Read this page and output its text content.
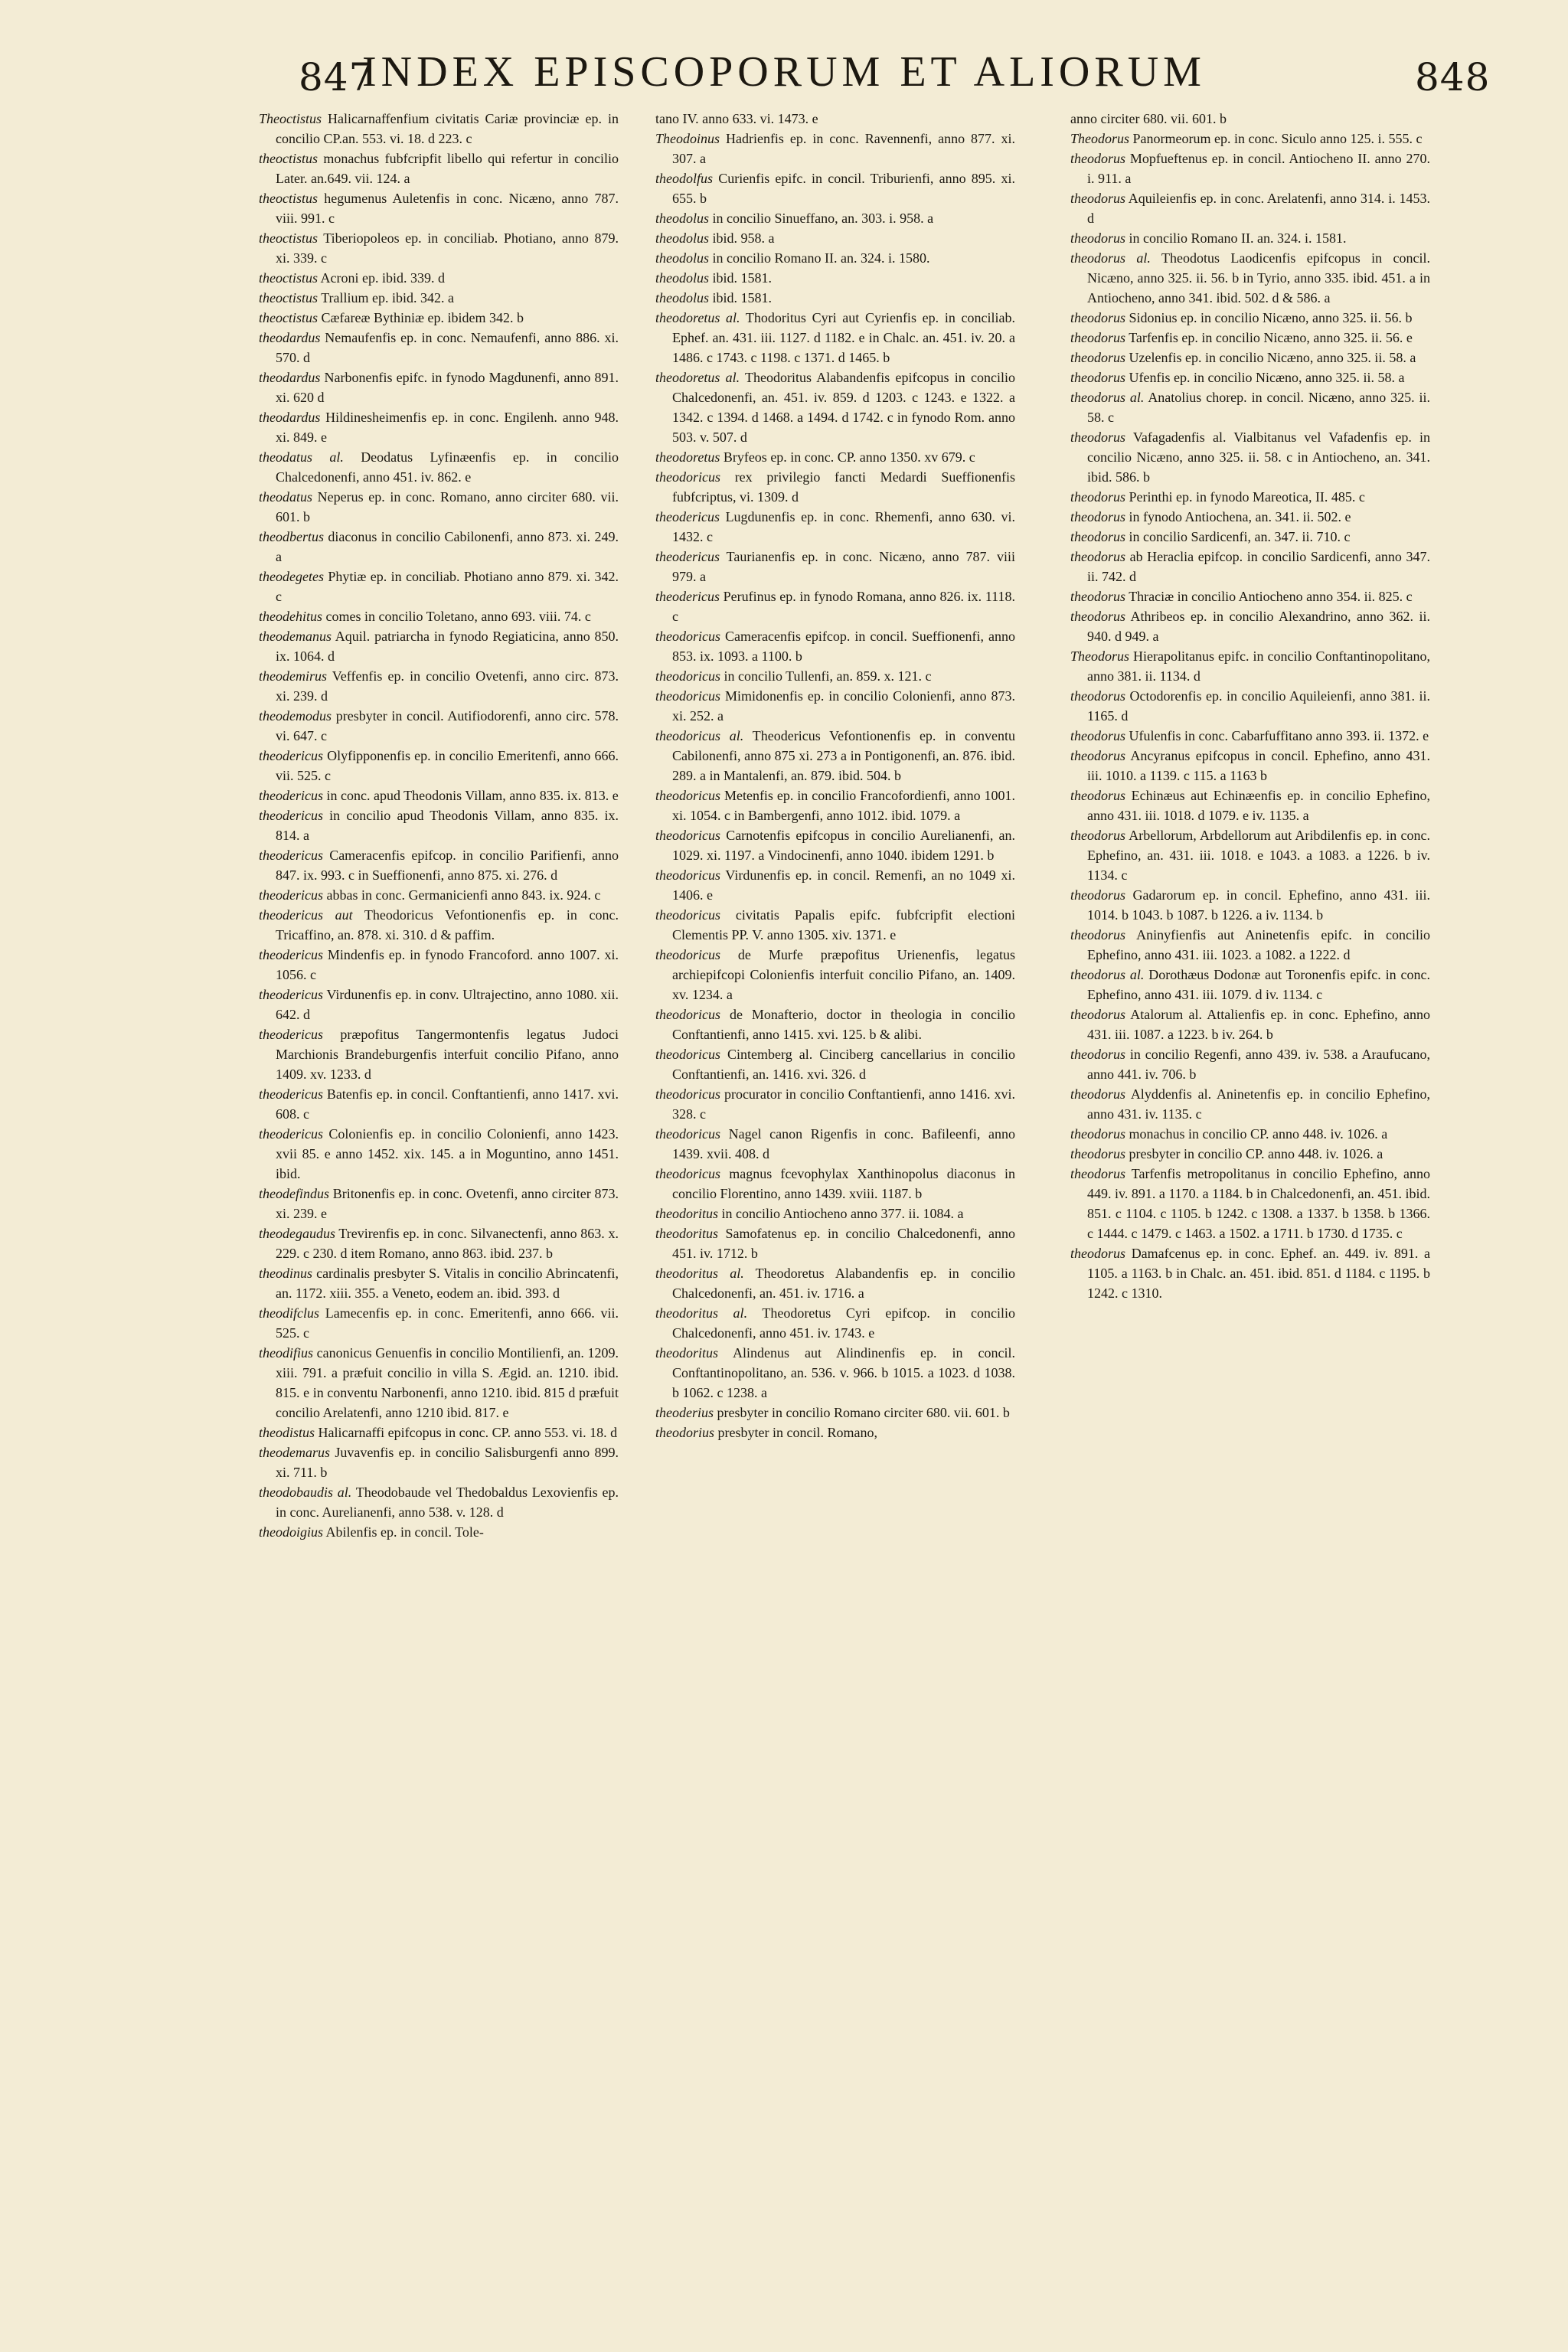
847
INDEX EPISCOPORUM ET ALIORUM	848
Theoctistus Halicarnaffenfium civitatis Cariæ provinciæ ep. in concilio CP.an. 553. vi. 18. d 223. c
theoctistus monachus fubfcripfit libello qui refertur in concilio Later. an.649. vii. 124. a
theoctistus hegumenus Auletenfis in conc. Nicæno, anno 787. viii. 991. c
theoctistus Tiberiopoleos ep. in conciliab. Photiano, anno 879. xi. 339. c
theoctistus Acroni ep. ibid. 339. d
theoctistus Trallium ep. ibid. 342. a
theoctistus Cæfareæ Bythiniæ ep. ibidem 342. b
theodardus Nemaufenfis ep. in conc. Nemaufenfi, anno 886. xi. 570. d
theodardus Narbonenfis epifc. in fynodo Magdunenfi, anno 891. xi. 620 d
theodardus Hildinesheimenfis ep. in conc. Engilenh. anno 948. xi. 849. e
theodatus al. Deodatus Lyfinæenfis ep. in concilio Chalcedonenfi, anno 451. iv. 862. e
theodatus Neperus ep. in conc. Romano, anno circiter 680. vii. 601. b
theodbertus diaconus in concilio Cabilonenfi, anno 873. xi. 249. a
theodegetes Phytiæ ep. in conciliab. Photiano anno 879. xi. 342. c
theodehitus comes in concilio Toletano, anno 693. viii. 74. c
theodemanus Aquil. patriarcha in fynodo Regiaticina, anno 850. ix. 1064. d
theodemirus Veffenfis ep. in concilio Ovetenfi, anno circ. 873. xi. 239. d
theodemodus presbyter in concil. Autifiodorenfi, anno circ. 578. vi. 647. c
theodericus Olyfipponenfis ep. in concilio Emeritenfi, anno 666. vii. 525. c
theodericus in conc. apud Theodonis Villam, anno 835. ix. 813. e
theodericus in concilio apud Theodonis Villam, anno 835. ix. 814. a
theodericus Cameracenfis epifcop. in concilio Parifienfi, anno 847. ix. 993. c in Sueffionenfi, anno 875. xi. 276. d
theodericus abbas in conc. Germanicienfi anno 843. ix. 924. c
theodericus aut Theodoricus Vefontionenfis ep. in conc. Tricaffino, an. 878. xi. 310. d & paffim.
theodericus Mindenfis ep. in fynodo Francoford. anno 1007. xi. 1056. c
theodericus Virdunenfis ep. in conv. Ultrajectino, anno 1080. xii. 642. d
theodericus præpofitus Tangermontenfis legatus Judoci Marchionis Brandeburgenfis interfuit concilio Pifano, anno 1409. xv. 1233. d
theodericus Batenfis ep. in concil. Conftantienfi, anno 1417. xvi. 608. c
theodericus Colonienfis ep. in concilio Colonienfi, anno 1423. xvii 85. e anno 1452. xix. 145. a in Moguntino, anno 1451. ibid.
theodefindus Britonenfis ep. in conc. Ovetenfi, anno circiter 873. xi. 239. e
theodegaudus Trevirenfis ep. in conc. Silvanectenfi, anno 863. x. 229. c 230. d item Romano, anno 863. ibid. 237. b
theodinus cardinalis presbyter S. Vitalis in concilio Abrincatenfi, an. 1172. xiii. 355. a Veneto, eodem an. ibid. 393. d
theodifclus Lamecenfis ep. in conc. Emeritenfi, anno 666. vii. 525. c
theodifius canonicus Genuenfis in concilio Montilienfi, an. 1209. xiii. 791. a præfuit concilio in villa S. Ægid. an. 1210. ibid. 815. e in conventu Narbonenfi, anno 1210. ibid. 815 d præfuit concilio Arelatenfi, anno 1210 ibid. 817. e
theodistus Halicarnaffi epifcopus in conc. CP. anno 553. vi. 18. d
theodemarus Juvavenfis ep. in concilio Salisburgenfi anno 899. xi. 711. b
theodobaudis al. Theodobaude vel Thedobaldus Lexovienfis ep. in conc. Aurelianenfi, anno 538. v. 128. d
theodoigius Abilenfis ep. in concil. Tole-
tano IV. anno 633. vi. 1473. e
Theodoinus Hadrienfis ep. in conc. Ravennenfi, anno 877. xi. 307. a
theodolfus Curienfis epifc. in concil. Triburienfi, anno 895. xi. 655. b
theodolus in concilio Sinueffano, an. 303. i. 958. a
theodolus ibid. 958. a
theodolus in concilio Romano II. an. 324. i. 1580.
theodolus ibid. 1581.
theodolus ibid. 1581.
theodoretus al. Thodoritus Cyri aut Cyrienfis ep. in conciliab. Ephef. an. 431. iii. 1127. d 1182. e in Chalc. an. 451. iv. 20. a 1486. c 1743. c 1198. c 1371. d 1465. b
theodoretus al. Theodoritus Alabandenfis epifcopus in concilio Chalcedonenfi, an. 451. iv. 859. d 1203. c 1243. e 1322. a 1342. c 1394. d 1468. a 1494. d 1742. c in fynodo Rom. anno 503. v. 507. d
theodoretus Bryfeos ep. in conc. CP. anno 1350. xv 679. c
theodoricus rex privilegio fancti Medardi Sueffionenfis fubfcriptus, vi. 1309. d
theodericus Lugdunenfis ep. in conc. Rhemenfi, anno 630. vi. 1432. c
theodericus Taurianenfis ep. in conc. Nicæno, anno 787. viii 979. a
theodericus Perufinus ep. in fynodo Romana, anno 826. ix. 1118. c
theodoricus Cameracenfis epifcop. in concil. Sueffionenfi, anno 853. ix. 1093. a 1100. b
theodoricus in concilio Tullenfi, an. 859. x. 121. c
theodoricus Mimidonenfis ep. in concilio Colonienfi, anno 873. xi. 252. a
theodoricus al. Theodericus Vefontionenfis ep. in conventu Cabilonenfi, anno 875 xi. 273 a in Pontigonenfi, an. 876. ibid. 289. a in Mantalenfi, an. 879. ibid. 504. b
theodoricus Metenfis ep. in concilio Francofordienfi, anno 1001. xi. 1054. c in Bambergenfi, anno 1012. ibid. 1079. a
theodoricus Carnotenfis epifcopus in concilio Aurelianenfi, an. 1029. xi. 1197. a Vindocinenfi, anno 1040. ibidem 1291. b
theodoricus Virdunenfis ep. in concil. Remenfi, an no 1049 xi. 1406. e
theodoricus civitatis Papalis epifc. fubfcripfit electioni Clementis PP. V. anno 1305. xiv. 1371. e
theodoricus de Murfe præpofitus Urienenfis, legatus archiepifcopi Colonienfis interfuit concilio Pifano, an. 1409. xv. 1234. a
theodoricus de Monafterio, doctor in theologia in concilio Conftantienfi, anno 1415. xvi. 125. b & alibi.
theodoricus Cintemberg al. Cinciberg cancellarius in concilio Conftantienfi, an. 1416. xvi. 326. d
theodoricus procurator in concilio Conftantienfi, anno 1416. xvi. 328. c
theodoricus Nagel canon Rigenfis in conc. Bafileenfi, anno 1439. xvii. 408. d
theodoricus magnus fcevophylax Xanthinopolus diaconus in concilio Florentino, anno 1439. xviii. 1187. b
theodoritus in concilio Antiocheno anno 377. ii. 1084. a
theodoritus Samofatenus ep. in concilio Chalcedonenfi, anno 451. iv. 1712. b
theodoritus al. Theodoretus Alabandenfis ep. in concilio Chalcedonenfi, an. 451. iv. 1716. a
theodoritus al. Theodoretus Cyri epifcop. in concilio Chalcedonenfi, anno 451. iv. 1743. e
theodoritus Alindenus aut Alindinenfis ep. in concil. Conftantinopolitano, an. 536. v. 966. b 1015. a 1023. d 1038. b 1062. c 1238. a
theoderius presbyter in concilio Romano circiter 680. vii. 601. b
theodorius presbyter in concil. Romano,
anno circiter 680. vii. 601. b
Theodorus Panormeorum ep. in conc. Siculo anno 125. i. 555. c
theodorus Mopfueftenus ep. in concil. Antiocheno II. anno 270. i. 911. a
theodorus Aquileienfis ep. in conc. Arelatenfi, anno 314. i. 1453. d
theodorus in concilio Romano II. an. 324. i. 1581.
theodorus al. Theodotus Laodicenfis epifcopus in concil. Nicæno, anno 325. ii. 56. b in Tyrio, anno 335. ibid. 451. a in Antiocheno, anno 341. ibid. 502. d & 586. a
theodorus Sidonius ep. in concilio Nicæno, anno 325. ii. 56. b
theodorus Tarfenfis ep. in concilio Nicæno, anno 325. ii. 56. e
theodorus Uzelenfis ep. in concilio Nicæno, anno 325. ii. 58. a
theodorus Ufenfis ep. in concilio Nicæno, anno 325. ii. 58. a
theodorus al. Anatolius chorep. in concil. Nicæno, anno 325. ii. 58. c
theodorus Vafagadenfis al. Vialbitanus vel Vafadenfis ep. in concilio Nicæno, anno 325. ii. 58. c in Antiocheno, an. 341. ibid. 586. b
theodorus Perinthi ep. in fynodo Mareotica, II. 485. c
theodorus in fynodo Antiochena, an. 341. ii. 502. e
theodorus in concilio Sardicenfi, an. 347. ii. 710. c
theodorus ab Heraclia epifcop. in concilio Sardicenfi, anno 347. ii. 742. d
theodorus Thraciæ in concilio Antiocheno anno 354. ii. 825. c
theodorus Athribeos ep. in concilio Alexandrino, anno 362. ii. 940. d 949. a
Theodorus Hierapolitanus epifc. in concilio Conftantinopolitano, anno 381. ii. 1134. d
theodorus Octodorenfis ep. in concilio Aquileienfi, anno 381. ii. 1165. d
theodorus Ufulenfis in conc. Cabarfuffitano anno 393. ii. 1372. e
theodorus Ancyranus epifcopus in concil. Ephefino, anno 431. iii. 1010. a 1139. c 115. a 1163 b
theodorus Echinæus aut Echinæenfis ep. in concilio Ephefino, anno 431. iii. 1018. d 1079. e iv. 1135. a
theodorus Arbellorum, Arbdellorum aut Aribdilenfis ep. in conc. Ephefino, an. 431. iii. 1018. e 1043. a 1083. a 1226. b iv. 1134. c
theodorus Gadarorum ep. in concil. Ephefino, anno 431. iii. 1014. b 1043. b 1087. b 1226. a iv. 1134. b
theodorus Aninyfienfis aut Aninetenfis epifc. in concilio Ephefino, anno 431. iii. 1023. a 1082. a 1222. d
theodorus al. Dorothæus Dodonæ aut Toronenfis epifc. in conc. Ephefino, anno 431. iii. 1079. d iv. 1134. c
theodorus Atalorum al. Attalienfis ep. in conc. Ephefino, anno 431. iii. 1087. a 1223. b iv. 264. b
theodorus in concilio Regenfi, anno 439. iv. 538. a Araufucano, anno 441. iv. 706. b
theodorus Alyddenfis al. Aninetenfis ep. in concilio Ephefino, anno 431. iv. 1135. c
theodorus monachus in concilio CP. anno 448. iv. 1026. a
theodorus presbyter in concilio CP. anno 448. iv. 1026. a
theodorus Tarfenfis metropolitanus in concilio Ephefino, anno 449. iv. 891. a 1170. a 1184. b in Chalcedonenfi, an. 451. ibid. 851. c 1104. c 1105. b 1242. c 1308. a 1337. b 1358. b 1366. c 1444. c 1479. c 1463. a 1502. a 1711. b 1730. d 1735. c
theodorus Damafcenus ep. in conc. Ephef. an. 449. iv. 891. a 1105. a 1163. b in Chalc. an. 451. ibid. 851. d 1184. c 1195. b 1242. c 1310.
